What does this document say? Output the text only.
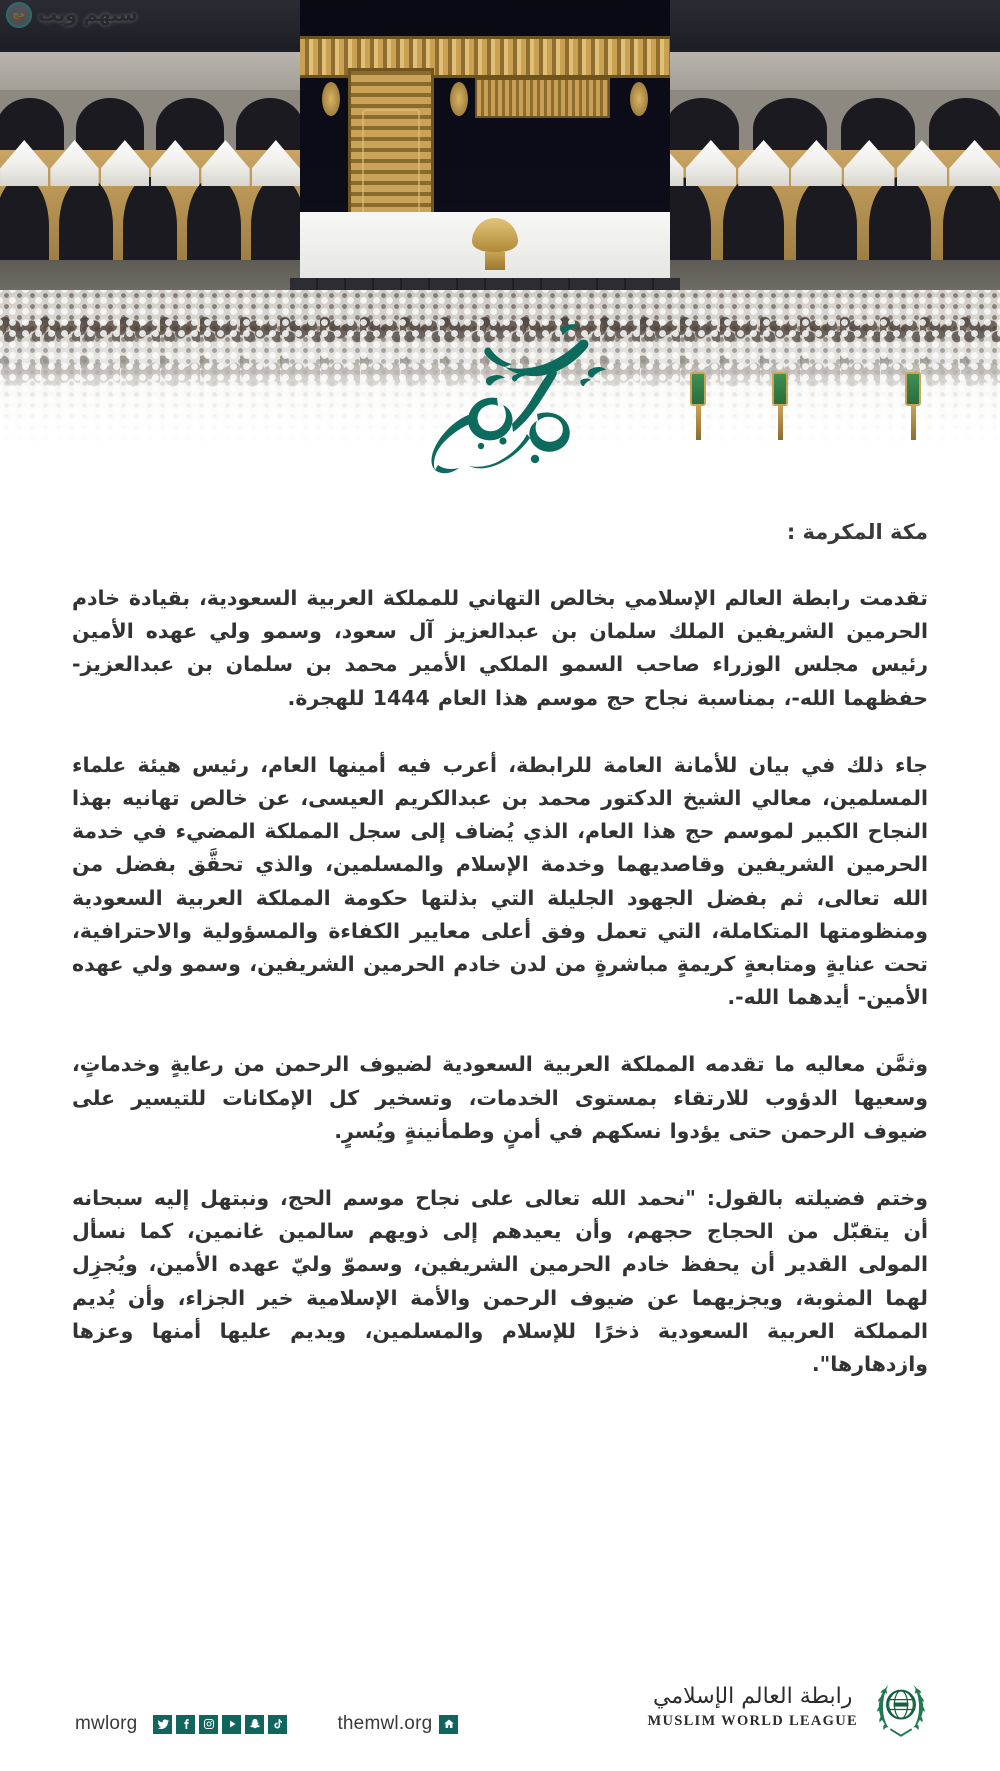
سبهم ويب
حج
مكة المكرمة :

تقدمت رابطة العالم الإسلامي بخالص التهاني للمملكة العربية السعودية، بقيادة خادم الحرمين الشريفين الملك سلمان بن عبدالعزيز آل سعود، وسمو ولي عهده الأمين رئيس مجلس الوزراء صاحب السمو الملكي الأمير محمد بن سلمان بن عبدالعزيز- حفظهما الله-، بمناسبة نجاح حج موسم هذا العام 1444 للهجرة.

جاء ذلك في بيان للأمانة العامة للرابطة، أعرب فيه أمينها العام، رئيس هيئة علماء المسلمين، معالي الشيخ الدكتور محمد بن عبدالكريم العيسى، عن خالص تهانيه بهذا النجاح الكبير لموسم حج هذا العام، الذي يُضاف إلى سجل المملكة المضيء في خدمة الحرمين الشريفين وقاصديهما وخدمة الإسلام والمسلمين، والذي تحقَّق بفضل من الله تعالى، ثم بفضل الجهود الجليلة التي بذلتها حكومة المملكة العربية السعودية ومنظومتها المتكاملة، التي تعمل وفق أعلى معايير الكفاءة والمسؤولية والاحترافية، تحت عنايةٍ ومتابعةٍ كريمةٍ مباشرةٍ من لدن خادم الحرمين الشريفين، وسمو ولي عهده الأمين- أيدهما الله-.

وثمَّن معاليه ما تقدمه المملكة العربية السعودية لضيوف الرحمن من رعايةٍ وخدماتٍ، وسعيها الدؤوب للارتقاء بمستوى الخدمات، وتسخير كل الإمكانات للتيسير على ضيوف الرحمن حتى يؤدوا نسكهم في أمنٍ وطمأنينةٍ ويُسرٍ.

وختم فضيلته بالقول: "نحمد الله تعالى على نجاح موسم الحج، ونبتهل إليه سبحانه أن يتقبّل من الحجاج حجهم، وأن يعيدهم إلى ذويهم سالمين غانمين، كما نسأل المولى القدير أن يحفظ خادم الحرمين الشريفين، وسموّ وليّ عهده الأمين، ويُجزِل لهما المثوبة، ويجزيهما عن ضيوف الرحمن والأمة الإسلامية خير الجزاء، وأن يُديم المملكة العربية السعودية ذخرًا للإسلام والمسلمين، ويديم عليها أمنها وعزها وازدهارها".

mwlorg	themwl.org
رابطة العالم الإسلامي
MUSLIM WORLD LEAGUE
